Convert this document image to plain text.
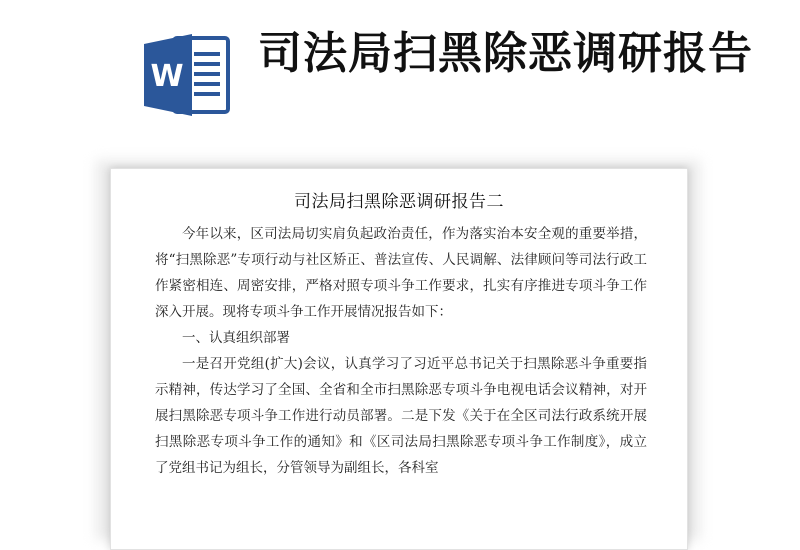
W 司法局扫黑除恶调研报告
司法局扫黑除恶调研报告二

今年以来，区司法局切实肩负起政治责任，作为落实治本安全观的重要举措，将“扫黑除恶”专项行动与社区矫正、普法宣传、人民调解、法律顾问等司法行政工作紧密相连、周密安排，严格对照专项斗争工作要求，扎实有序推进专项斗争工作深入开展。现将专项斗争工作开展情况报告如下：

一、认真组织部署

一是召开党组(扩大)会议，认真学习了习近平总书记关于扫黑除恶斗争重要指示精神，传达学习了全国、全省和全市扫黑除恶专项斗争电视电话会议精神，对开展扫黑除恶专项斗争工作进行动员部署。二是下发《关于在全区司法行政系统开展扫黑除恶专项斗争工作的通知》和《区司法局扫黑除恶专项斗争工作制度》，成立了党组书记为组长，分管领导为副组长，各科室
